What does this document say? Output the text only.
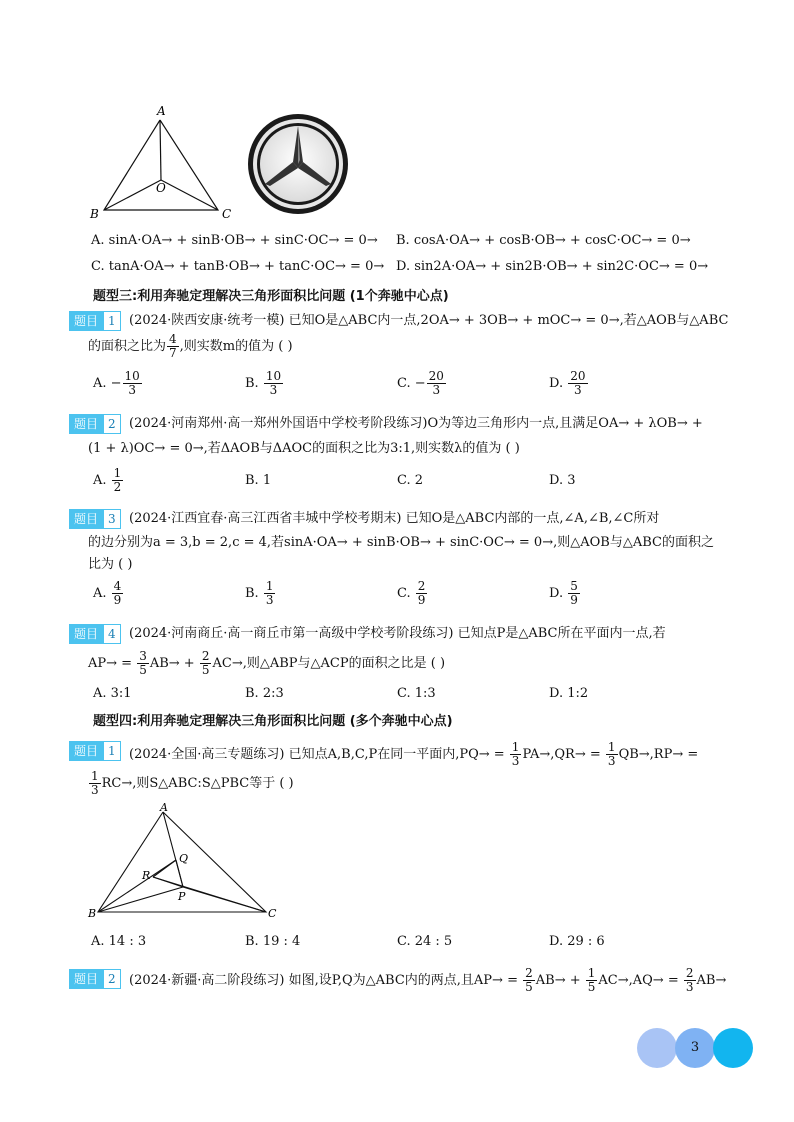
A
B	C
O
A. sinA·OA→ + sinB·OB→ + sinC·OC→ = 0→ B. cosA·OA→ + cosB·OB→ + cosC·OC→ = 0→
C. tanA·OA→ + tanB·OB→ + tanC·OC→ = 0→ D. sin2A·OA→ + sin2B·OB→ + sin2C·OC→ = 0→
题型三:利用奔驰定理解决三角形面积比问题 (1个奔驰中心点)
题目 1	(2024·陕西安康·统考一模) 已知O是△ABC内一点,2OA→ + 3OB→ + mOC→ = 0→,若△AOB与△ABC
的面积之比为 $\frac{4}{7}$ ,则实数m的值为 ( )
A. − $\frac{10}{3}$	B. $\frac{10}{3}$	C. − $\frac{20}{3}$	D. $\frac{20}{3}$
题目 2	(2024·河南郑州·高一郑州外国语中学校考阶段练习)O为等边三角形内一点,且满足OA→ + λOB→ +
(1 + λ)OC→ = 0→,若ΔAOB与ΔAOC的面积之比为3:1,则实数λ的值为 ( )
A. $\frac{1}{2}$	B. 1	C. 2	D. 3
题目 3	(2024·江西宜春·高三江西省丰城中学校考期末) 已知O是△ABC内部的一点,∠A,∠B,∠C所对
的边分别为a = 3,b = 2,c = 4,若sinA·OA→ + sinB·OB→ + sinC·OC→ = 0→,则△AOB与△ABC的面积之
比为 ( )
A. $\frac{4}{9}$	B. $\frac{1}{3}$	C. $\frac{2}{9}$	D. $\frac{5}{9}$
题目 4	(2024·河南商丘·高一商丘市第一高级中学校考阶段练习) 已知点P是△ABC所在平面内一点,若
$AP\to = \frac{3}{5} AB\to + \frac{2}{5} AC\to$,则△ABP与△ACP的面积之比是 ( )
A. 3:1	B. 2:3	C. 1:3	D. 1:2
题型四:利用奔驰定理解决三角形面积比问题 (多个奔驰中心点)
题目 1	(2024·全国·高三专题练习) 已知点A,B,C,P在同一平面内$,PQ\to = \frac{1}{3} PA\to,QR\to = \frac{1}{3} QB\to,RP\to$ =
$\frac{1}{3} RC\to$,则S△ABC:S△PBC等于 ( )
A
B	C
P
Q
R
A. 14 : 3	B. 19 : 4	C. 24 : 5	D. 29 : 6
题目 2	(2024·新疆·高二阶段练习) 如图,设P,Q为△ABC内的两点,且$AP\to = \frac{2}{5} AB\to + \frac{1}{5} AC\to,AQ\to = \frac{2}{3} AB\to$
3
